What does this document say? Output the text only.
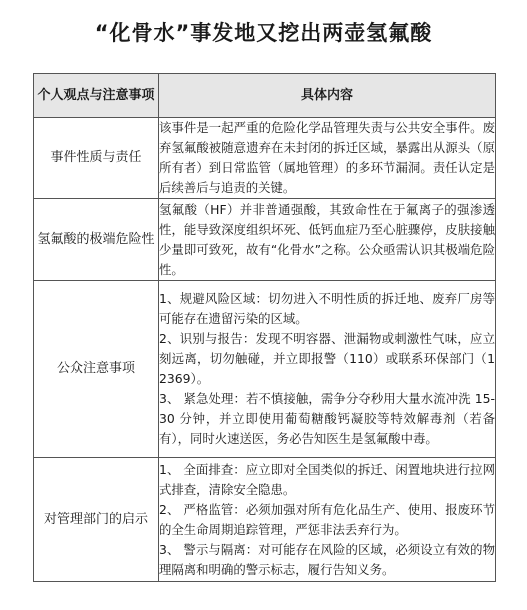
“化骨水”事发地又挖出两壶氢氟酸
个人观点与注意事项	具体内容
事件性质与责任	该事件是一起严重的危险化学品管理失责与公共安全事件。废弃氢氟酸被随意遗弃在未封闭的拆迁区域，暴露出从源头（原所有者）到日常监管（属地管理）的多环节漏洞。责任认定是后续善后与追责的关键。

氢氟酸的极端危险性	氢氟酸（HF）并非普通强酸，其致命性在于氟离子的强渗透性，能导致深度组织坏死、低钙血症乃至心脏骤停，皮肤接触少量即可致死，故有“化骨水”之称。公众亟需认识其极端危险性。

公众注意事项	1、规避风险区域：切勿进入不明性质的拆迁地、废弃厂房等可能存在遗留污染的区域。

2、识别与报告：发现不明容器、泄漏物或刺激性气味，应立刻远离，切勿触碰，并立即报警（110）或联系环保部门（12369）。

3、 紧急处理：若不慎接触，需争分夺秒用大量水流冲洗 15-30 分钟，并立即使用葡萄糖酸钙凝胶等特效解毒剂（若备有），同时火速送医，务必告知医生是氢氟酸中毒。

对管理部门的启示	1、 全面排查：应立即对全国类似的拆迁、闲置地块进行拉网式排查，清除安全隐患。

2、 严格监管：必须加强对所有危化品生产、使用、报废环节的全生命周期追踪管理，严惩非法丢弃行为。

3、 警示与隔离：对可能存在风险的区域，必须设立有效的物理隔离和明确的警示标志，履行告知义务。
